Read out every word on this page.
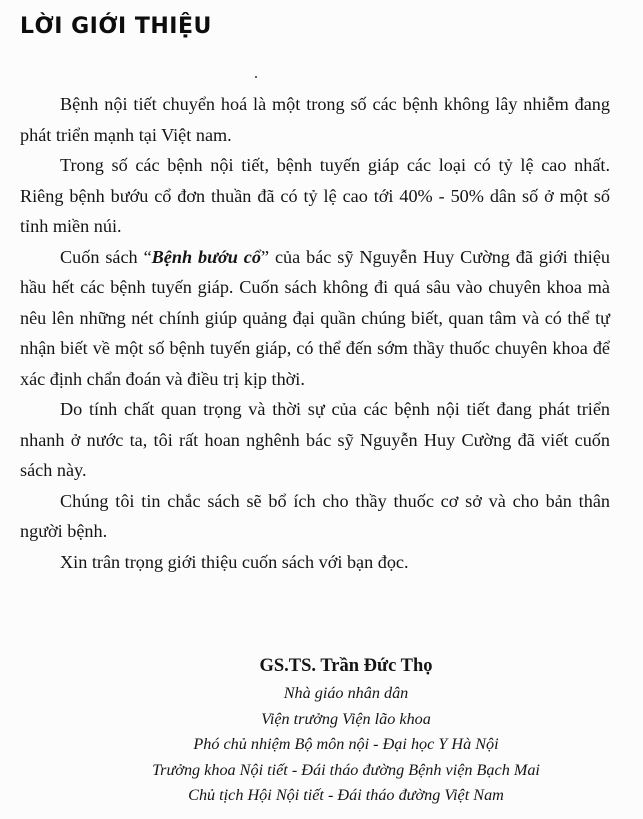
LỜI GIỚI THIỆU

Bệnh nội tiết chuyển hoá là một trong số các bệnh không lây nhiễm đang phát triển mạnh tại Việt nam.

Trong số các bệnh nội tiết, bệnh tuyến giáp các loại có tỷ lệ cao nhất. Riêng bệnh bướu cổ đơn thuần đã có tỷ lệ cao tới 40% - 50% dân số ở một số tỉnh miền núi.

Cuốn sách “Bệnh bướu cổ” của bác sỹ Nguyễn Huy Cường đã giới thiệu hầu hết các bệnh tuyến giáp. Cuốn sách không đi quá sâu vào chuyên khoa mà nêu lên những nét chính giúp quảng đại quần chúng biết, quan tâm và có thể tự nhận biết về một số bệnh tuyến giáp, có thể đến sớm thầy thuốc chuyên khoa để xác định chẩn đoán và điều trị kịp thời.

Do tính chất quan trọng và thời sự của các bệnh nội tiết đang phát triển nhanh ở nước ta, tôi rất hoan nghênh bác sỹ Nguyễn Huy Cường đã viết cuốn sách này.

Chúng tôi tin chắc sách sẽ bổ ích cho thầy thuốc cơ sở và cho bản thân người bệnh.

Xin trân trọng giới thiệu cuốn sách với bạn đọc.

GS.TS. Trần Đức Thọ
Nhà giáo nhân dân
Viện trưởng Viện lão khoa
Phó chủ nhiệm Bộ môn nội - Đại học Y Hà Nội
Trưởng khoa Nội tiết - Đái tháo đường Bệnh viện Bạch Mai
Chủ tịch Hội Nội tiết - Đái tháo đường Việt Nam
